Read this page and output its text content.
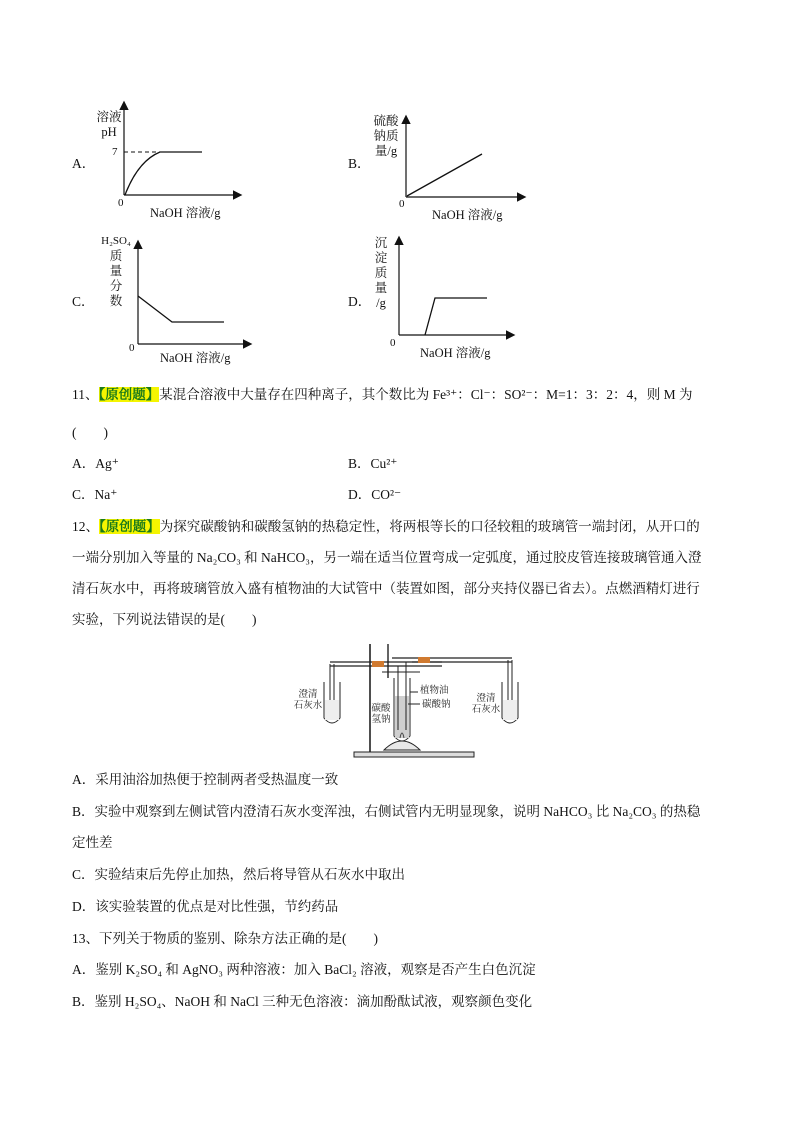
A．
溶液
pH
7
0
NaOH 溶液/g
B．
硫酸
钠质
量/g
0
NaOH 溶液/g
C．
H₂SO₄
质
量
分
数
0
NaOH 溶液/g
D．
沉
淀
质
量
/g
0
NaOH 溶液/g
11、【原创题】某混合溶液中大量存在四种离子，其个数比为 Fe³⁺：Cl⁻：SO²⁻：M=1：3：2：4，则 M 为
(　　)
A．Ag⁺	B．Cu²⁺
C．Na⁺	D．CO²⁻
12、【原创题】为探究碳酸钠和碳酸氢钠的热稳定性，将两根等长的口径较粗的玻璃管一端封闭，从开口的
一端分别加入等量的 Na₂CO₃ 和 NaHCO₃，另一端在适当位置弯成一定弧度，通过胶皮管连接玻璃管通入澄
清石灰水中，再将玻璃管放入盛有植物油的大试管中（装置如图，部分夹持仪器已省去）。点燃酒精灯进行
实验，下列说法错误的是(　　)
澄清
石灰水
植物油
碳酸钠
碳酸
氢钠
澄清
石灰水
A．采用油浴加热便于控制两者受热温度一致
B．实验中观察到左侧试管内澄清石灰水变浑浊，右侧试管内无明显现象，说明 NaHCO₃ 比 Na₂CO₃ 的热稳
定性差
C．实验结束后先停止加热，然后将导管从石灰水中取出
D．该实验装置的优点是对比性强，节约药品
13、下列关于物质的鉴别、除杂方法正确的是(　　)
A．鉴别 K₂SO₄ 和 AgNO₃ 两种溶液：加入 BaCl₂ 溶液，观察是否产生白色沉淀
B．鉴别 H₂SO₄、NaOH 和 NaCl 三种无色溶液：滴加酚酞试液，观察颜色变化
